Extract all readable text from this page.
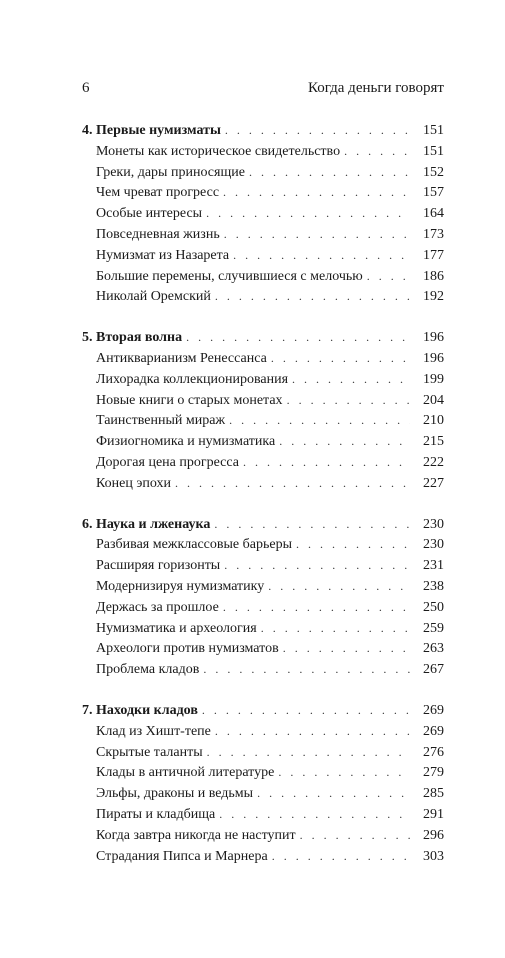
6	Когда деньги говорят
4. Первые нумизматы . . .	151
Монеты как историческое свидетельство . . .	151
Греки, дары приносящие . . .	152
Чем чреват прогресс . . .	157
Особые интересы . . .	164
Повседневная жизнь . . .	173
Нумизмат из Назарета . . .	177
Большие перемены, случившиеся с мелочью . . .	186
Николай Оремский . . .	192
5. Вторая волна . . .	196
Антикварианизм Ренессанса . . .	196
Лихорадка коллекционирования . . .	199
Новые книги о старых монетах . . .	204
Таинственный мираж . . .	210
Физиогномика и нумизматика . . .	215
Дорогая цена прогресса . . .	222
Конец эпохи . . .	227
6. Наука и лженаука . . .	230
Разбивая межклассовые барьеры . . .	230
Расширяя горизонты . . .	231
Модернизируя нумизматику . . .	238
Держась за прошлое . . .	250
Нумизматика и археология . . .	259
Археологи против нумизматов . . .	263
Проблема кладов . . .	267
7. Находки кладов . . .	269
Клад из Хишт-тепе . . .	269
Скрытые таланты . . .	276
Клады в античной литературе . . .	279
Эльфы, драконы и ведьмы . . .	285
Пираты и кладбища . . .	291
Когда завтра никогда не наступит . . .	296
Страдания Пипса и Марнера . . .	303
